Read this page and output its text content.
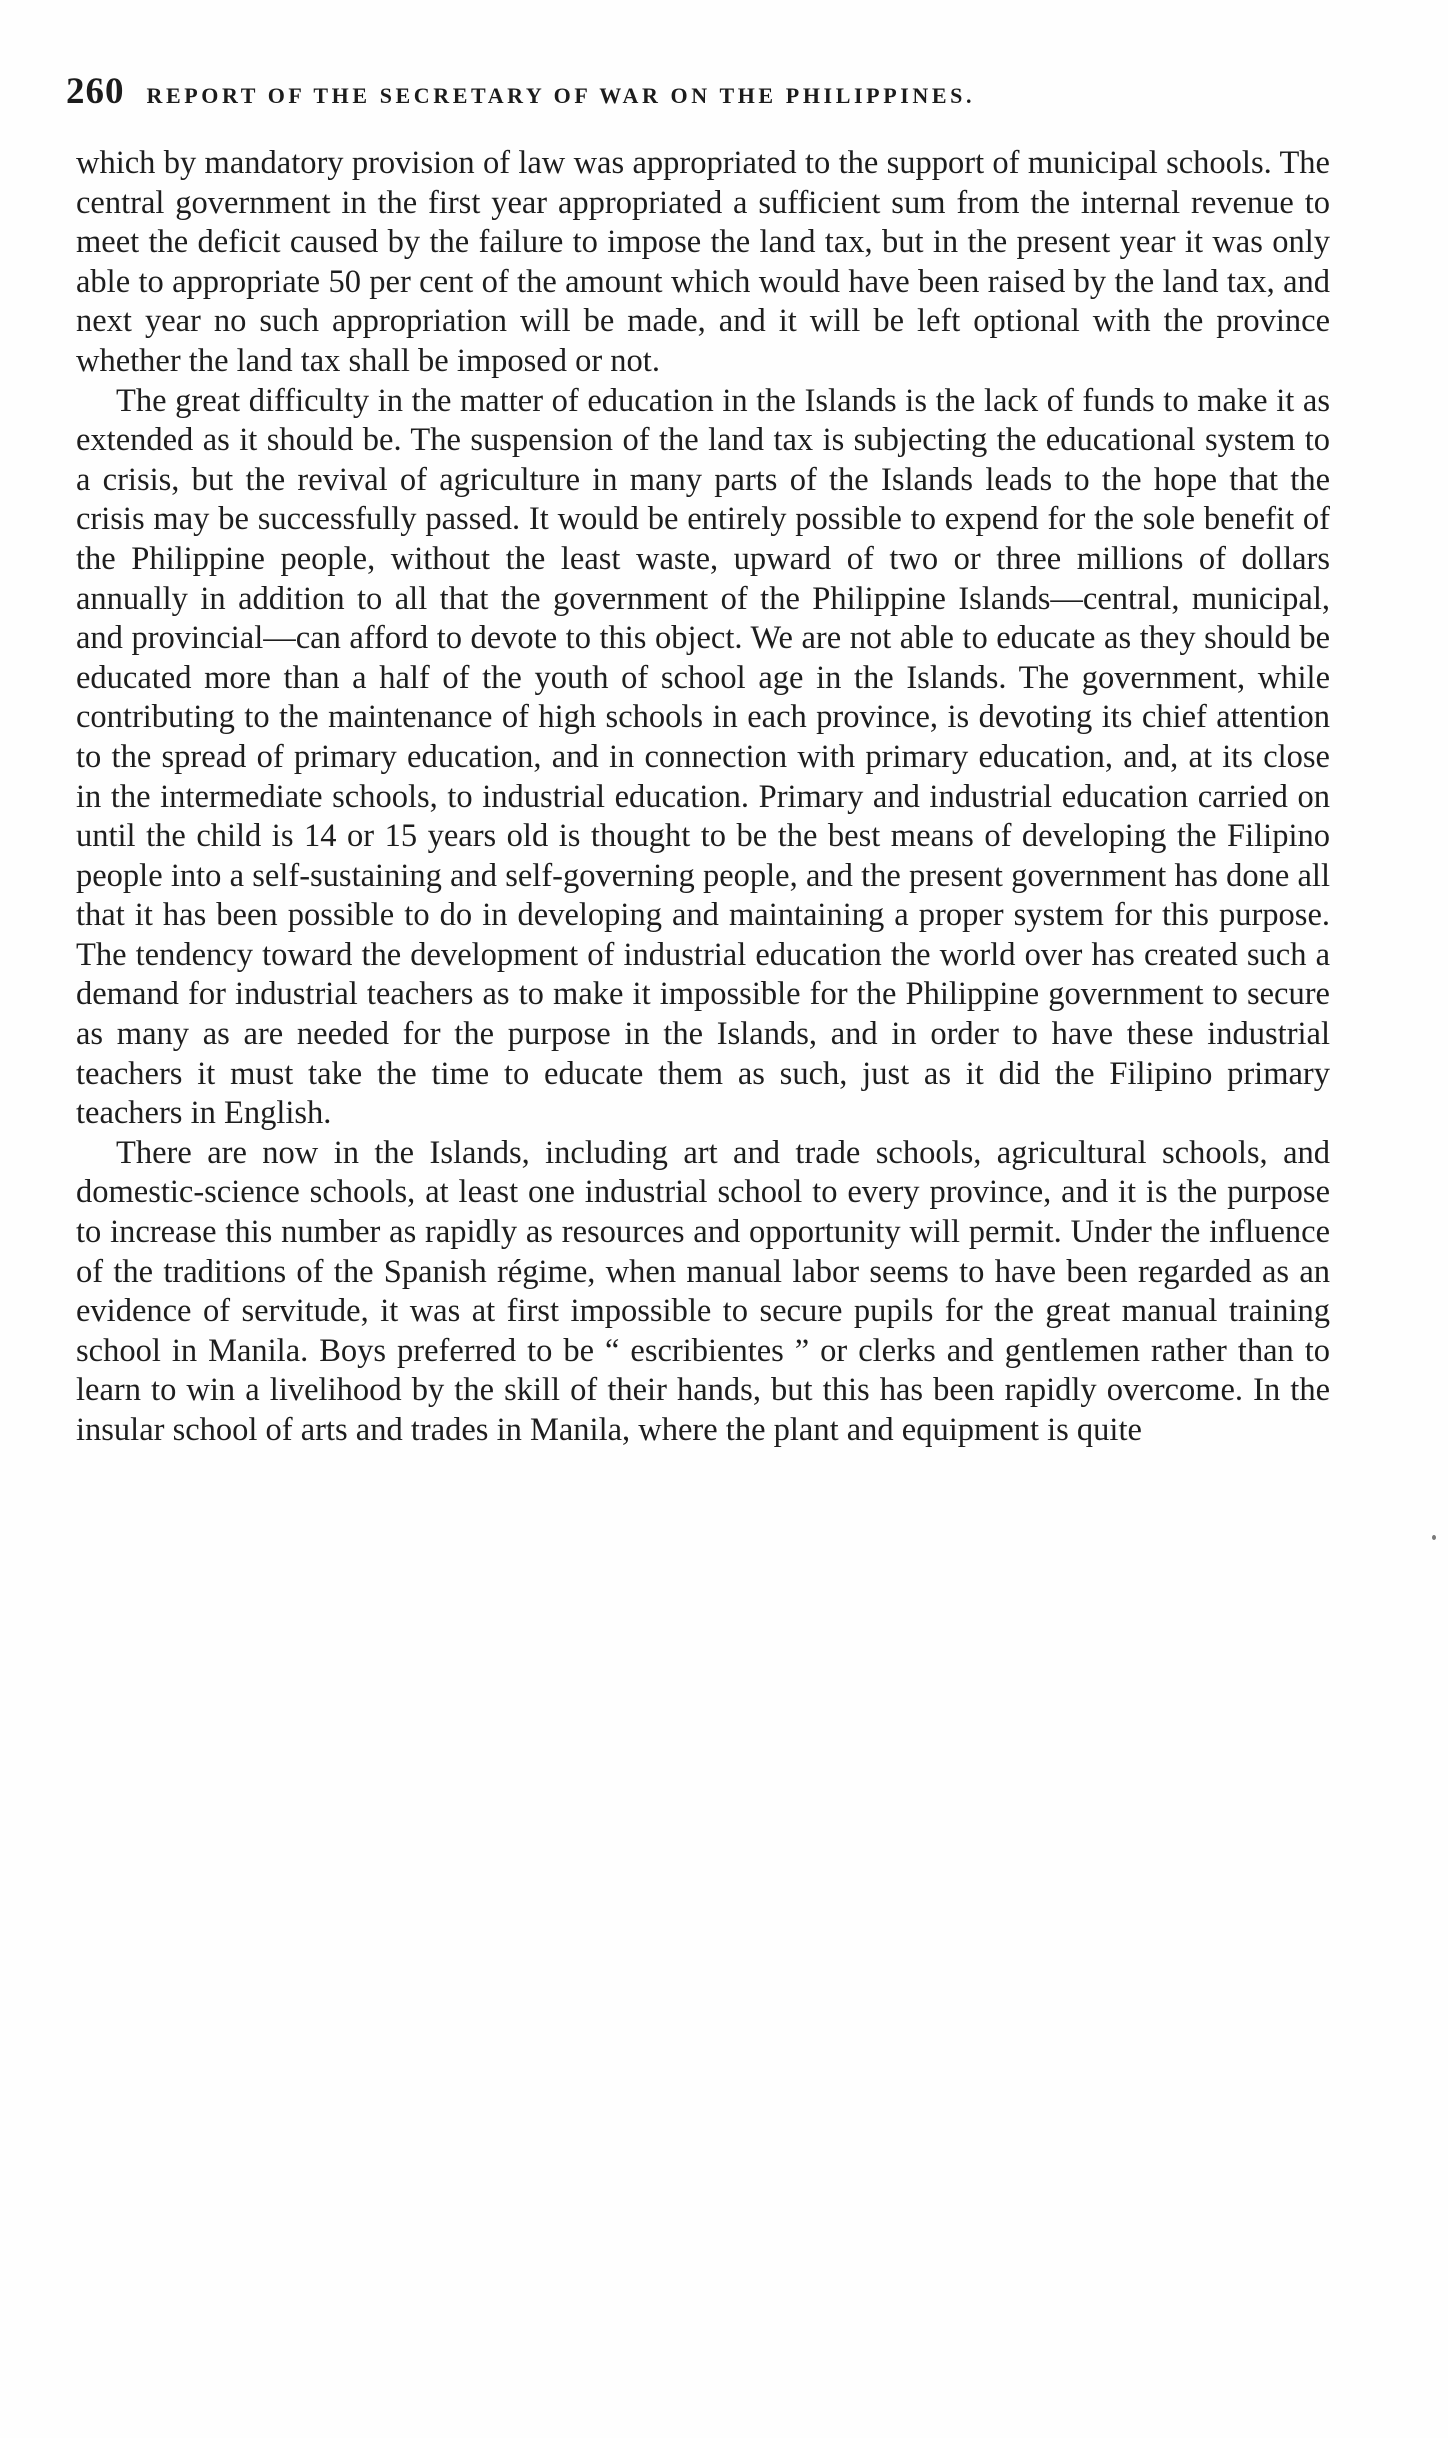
260 REPORT OF THE SECRETARY OF WAR ON THE PHILIPPINES.

which by mandatory provision of law was appropriated to the support of municipal schools. The central government in the first year appropriated a sufficient sum from the internal revenue to meet the deficit caused by the failure to impose the land tax, but in the present year it was only able to appropriate 50 per cent of the amount which would have been raised by the land tax, and next year no such appropriation will be made, and it will be left optional with the province whether the land tax shall be imposed or not.

The great difficulty in the matter of education in the Islands is the lack of funds to make it as extended as it should be. The suspension of the land tax is subjecting the educational system to a crisis, but the revival of agriculture in many parts of the Islands leads to the hope that the crisis may be successfully passed. It would be entirely possible to expend for the sole benefit of the Philippine people, without the least waste, upward of two or three millions of dollars annually in addition to all that the government of the Philippine Islands—central, municipal, and provincial—can afford to devote to this object. We are not able to educate as they should be educated more than a half of the youth of school age in the Islands. The government, while contributing to the maintenance of high schools in each province, is devoting its chief attention to the spread of primary education, and in connection with primary education, and, at its close in the intermediate schools, to industrial education. Primary and industrial education carried on until the child is 14 or 15 years old is thought to be the best means of developing the Filipino people into a self-sustaining and self-governing people, and the present government has done all that it has been possible to do in developing and maintaining a proper system for this purpose. The tendency toward the development of industrial education the world over has created such a demand for industrial teachers as to make it impossible for the Philippine government to secure as many as are needed for the purpose in the Islands, and in order to have these industrial teachers it must take the time to educate them as such, just as it did the Filipino primary teachers in English.

There are now in the Islands, including art and trade schools, agricultural schools, and domestic-science schools, at least one industrial school to every province, and it is the purpose to increase this number as rapidly as resources and opportunity will permit. Under the influence of the traditions of the Spanish régime, when manual labor seems to have been regarded as an evidence of servitude, it was at first impossible to secure pupils for the great manual training school in Manila. Boys preferred to be “ escribientes ” or clerks and gentlemen rather than to learn to win a livelihood by the skill of their hands, but this has been rapidly overcome. In the insular school of arts and trades in Manila, where the plant and equipment is quite
